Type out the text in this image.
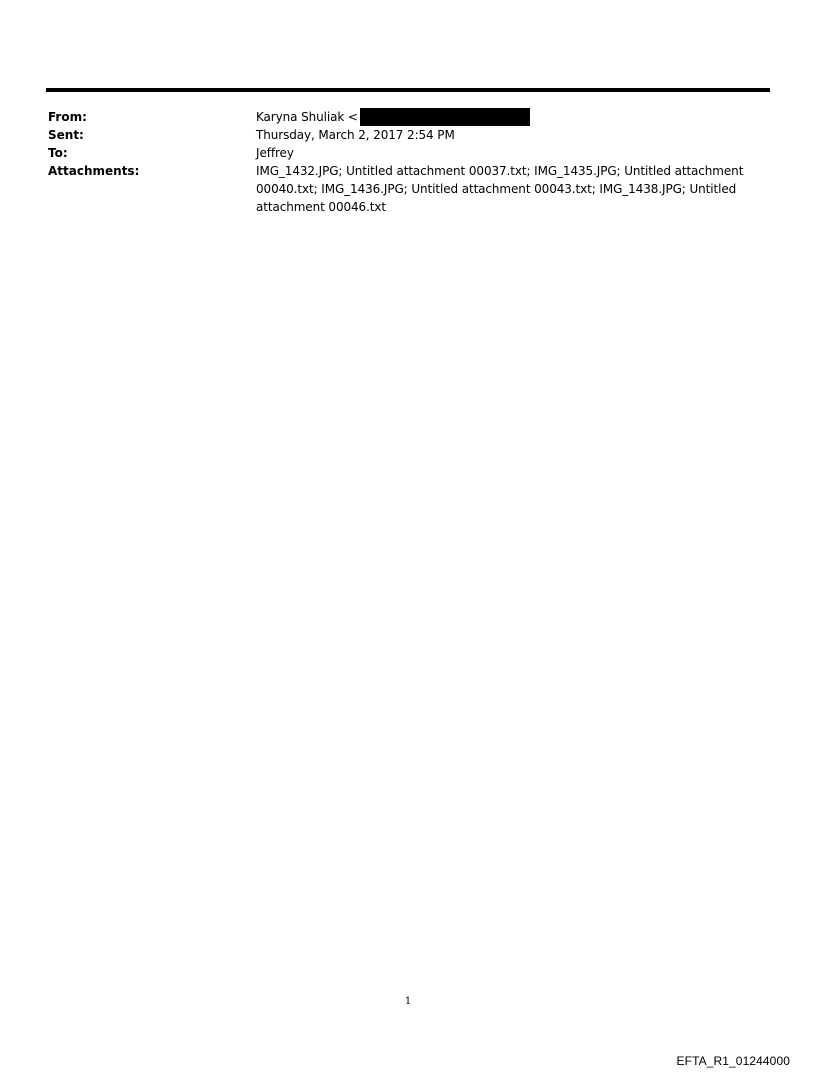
From:	Karyna Shuliak <
Sent:	Thursday, March 2, 2017 2:54 PM
To:	Jeffrey
Attachments:	IMG_1432.JPG; Untitled attachment 00037.txt; IMG_1435.JPG; Untitled attachment 00040.txt; IMG_1436.JPG; Untitled attachment 00043.txt; IMG_1438.JPG; Untitled attachment 00046.txt
1
EFTA_R1_01244000
